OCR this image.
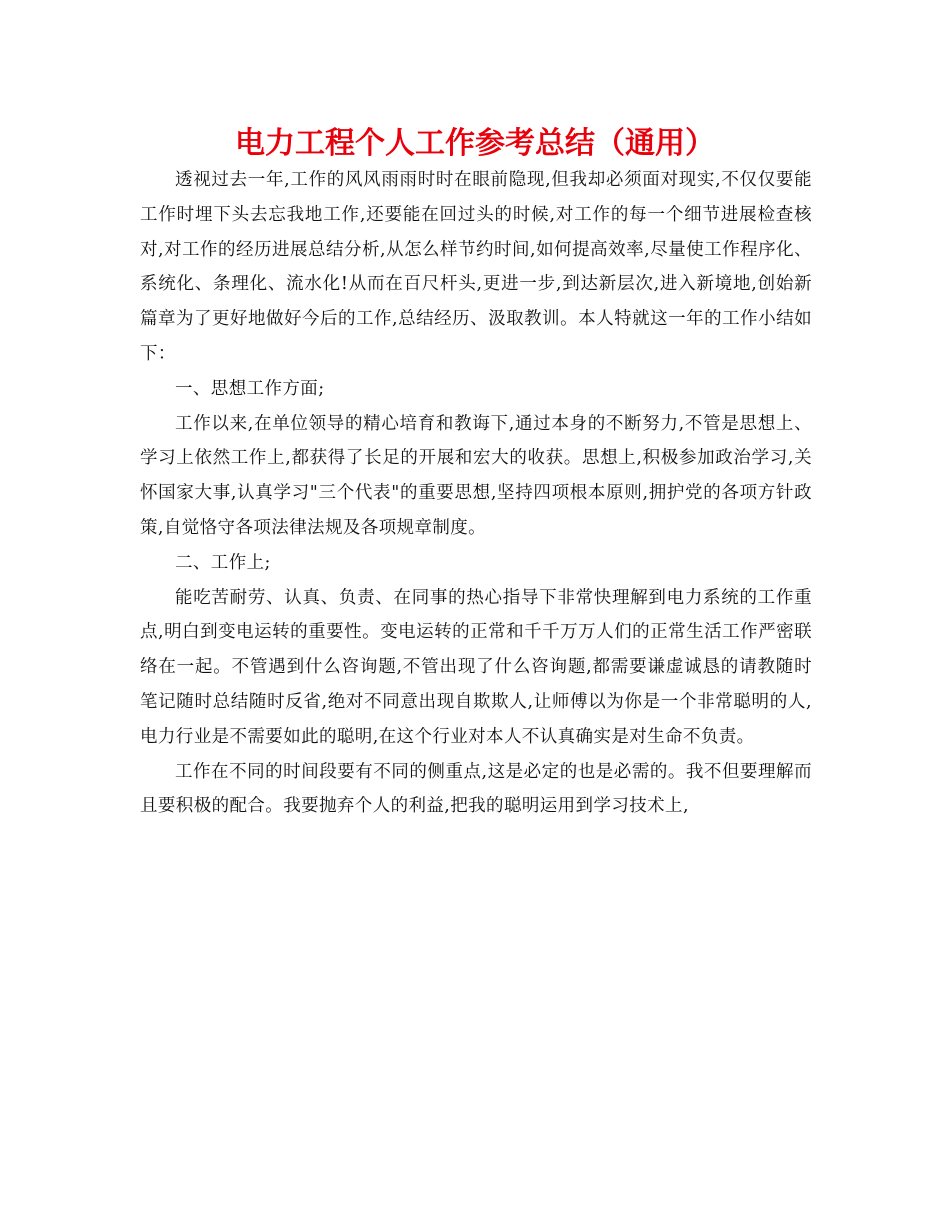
电力工程个人工作参考总结（通用）

透视过去一年,工作的风风雨雨时时在眼前隐现,但我却必须面对现实,不仅仅要能工作时埋下头去忘我地工作,还要能在回过头的时候,对工作的每一个细节进展检查核对,对工作的经历进展总结分析,从怎么样节约时间,如何提高效率,尽量使工作程序化、系统化、条理化、流水化!从而在百尺杆头,更进一步,到达新层次,进入新境地,创始新篇章为了更好地做好今后的工作,总结经历、汲取教训。本人特就这一年的工作小结如下：

一、思想工作方面;

工作以来,在单位领导的精心培育和教诲下,通过本身的不断努力,不管是思想上、学习上依然工作上,都获得了长足的开展和宏大的收获。思想上,积极参加政治学习,关怀国家大事,认真学习"三个代表"的重要思想,坚持四项根本原则,拥护党的各项方针政策,自觉恪守各项法律法规及各项规章制度。

二、工作上;

能吃苦耐劳、认真、负责、在同事的热心指导下非常快理解到电力系统的工作重点,明白到变电运转的重要性。变电运转的正常和千千万万人们的正常生活工作严密联络在一起。不管遇到什么咨询题,不管出现了什么咨询题,都需要谦虚诚恳的请教随时笔记随时总结随时反省,绝对不同意出现自欺欺人,让师傅以为你是一个非常聪明的人,电力行业是不需要如此的聪明,在这个行业对本人不认真确实是对生命不负责。

工作在不同的时间段要有不同的侧重点,这是必定的也是必需的。我不但要理解而且要积极的配合。我要抛弃个人的利益,把我的聪明运用到学习技术上,
